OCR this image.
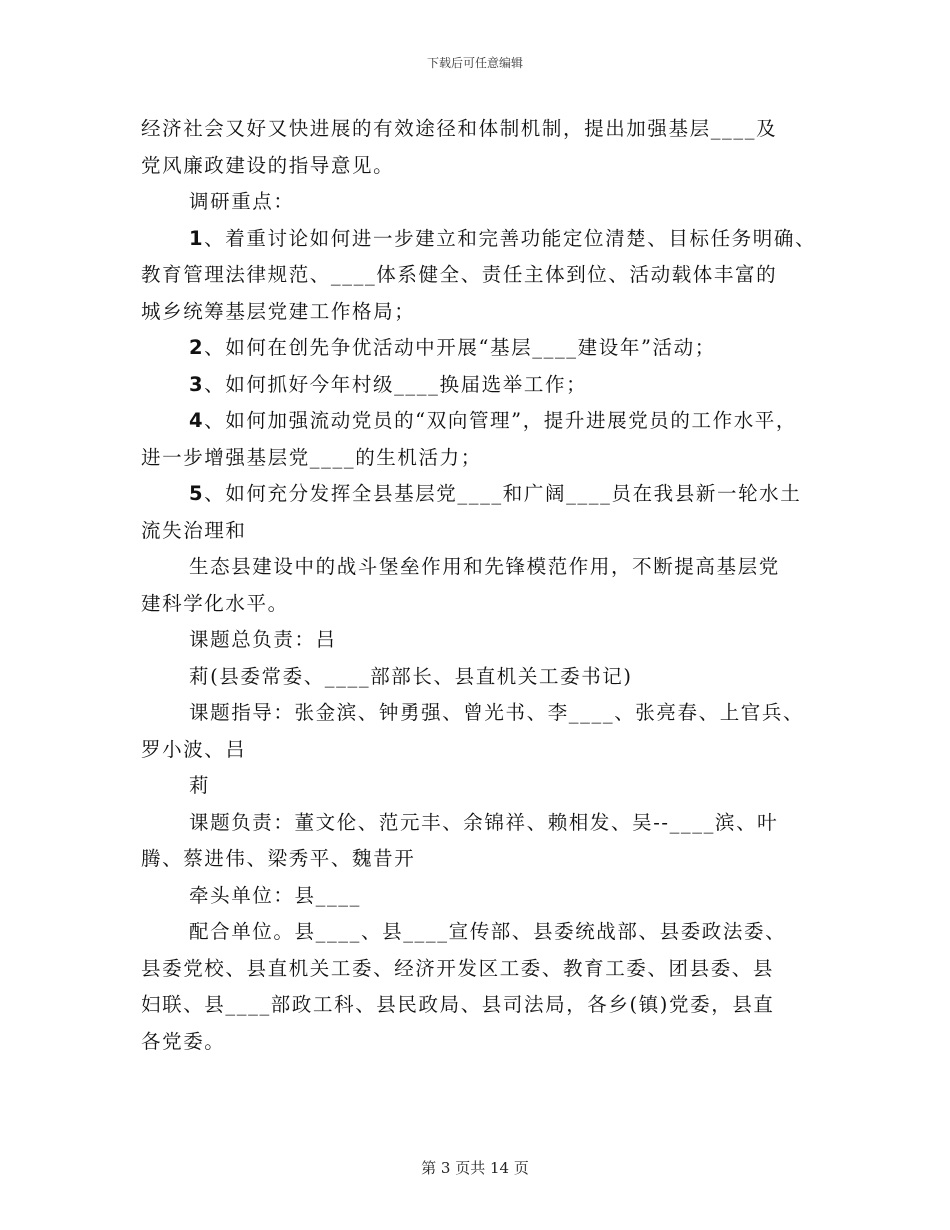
下载后可任意编辑
经济社会又好又快进展的有效途径和体制机制，提出加强基层____及
党风廉政建设的指导意见。
调研重点：
1、着重讨论如何进一步建立和完善功能定位清楚、目标任务明确、
教育管理法律规范、____体系健全、责任主体到位、活动载体丰富的
城乡统筹基层党建工作格局；
2、如何在创先争优活动中开展“基层____建设年”活动；
3、如何抓好今年村级____换届选举工作；
4、如何加强流动党员的“双向管理”，提升进展党员的工作水平，
进一步增强基层党____的生机活力；
5、如何充分发挥全县基层党____和广阔____员在我县新一轮水土
流失治理和
生态县建设中的战斗堡垒作用和先锋模范作用，不断提高基层党
建科学化水平。
课题总负责：吕
莉(县委常委、____部部长、县直机关工委书记)
课题指导：张金滨、钟勇强、曾光书、李____、张亮春、上官兵、
罗小波、吕
莉
课题负责：董文伦、范元丰、余锦祥、赖相发、吴--____滨、叶
腾、蔡进伟、梁秀平、魏昔开
牵头单位：县____
配合单位。县____、县____宣传部、县委统战部、县委政法委、
县委党校、县直机关工委、经济开发区工委、教育工委、团县委、县
妇联、县____部政工科、县民政局、县司法局，各乡(镇)党委，县直
各党委。
第 3 页共 14 页
